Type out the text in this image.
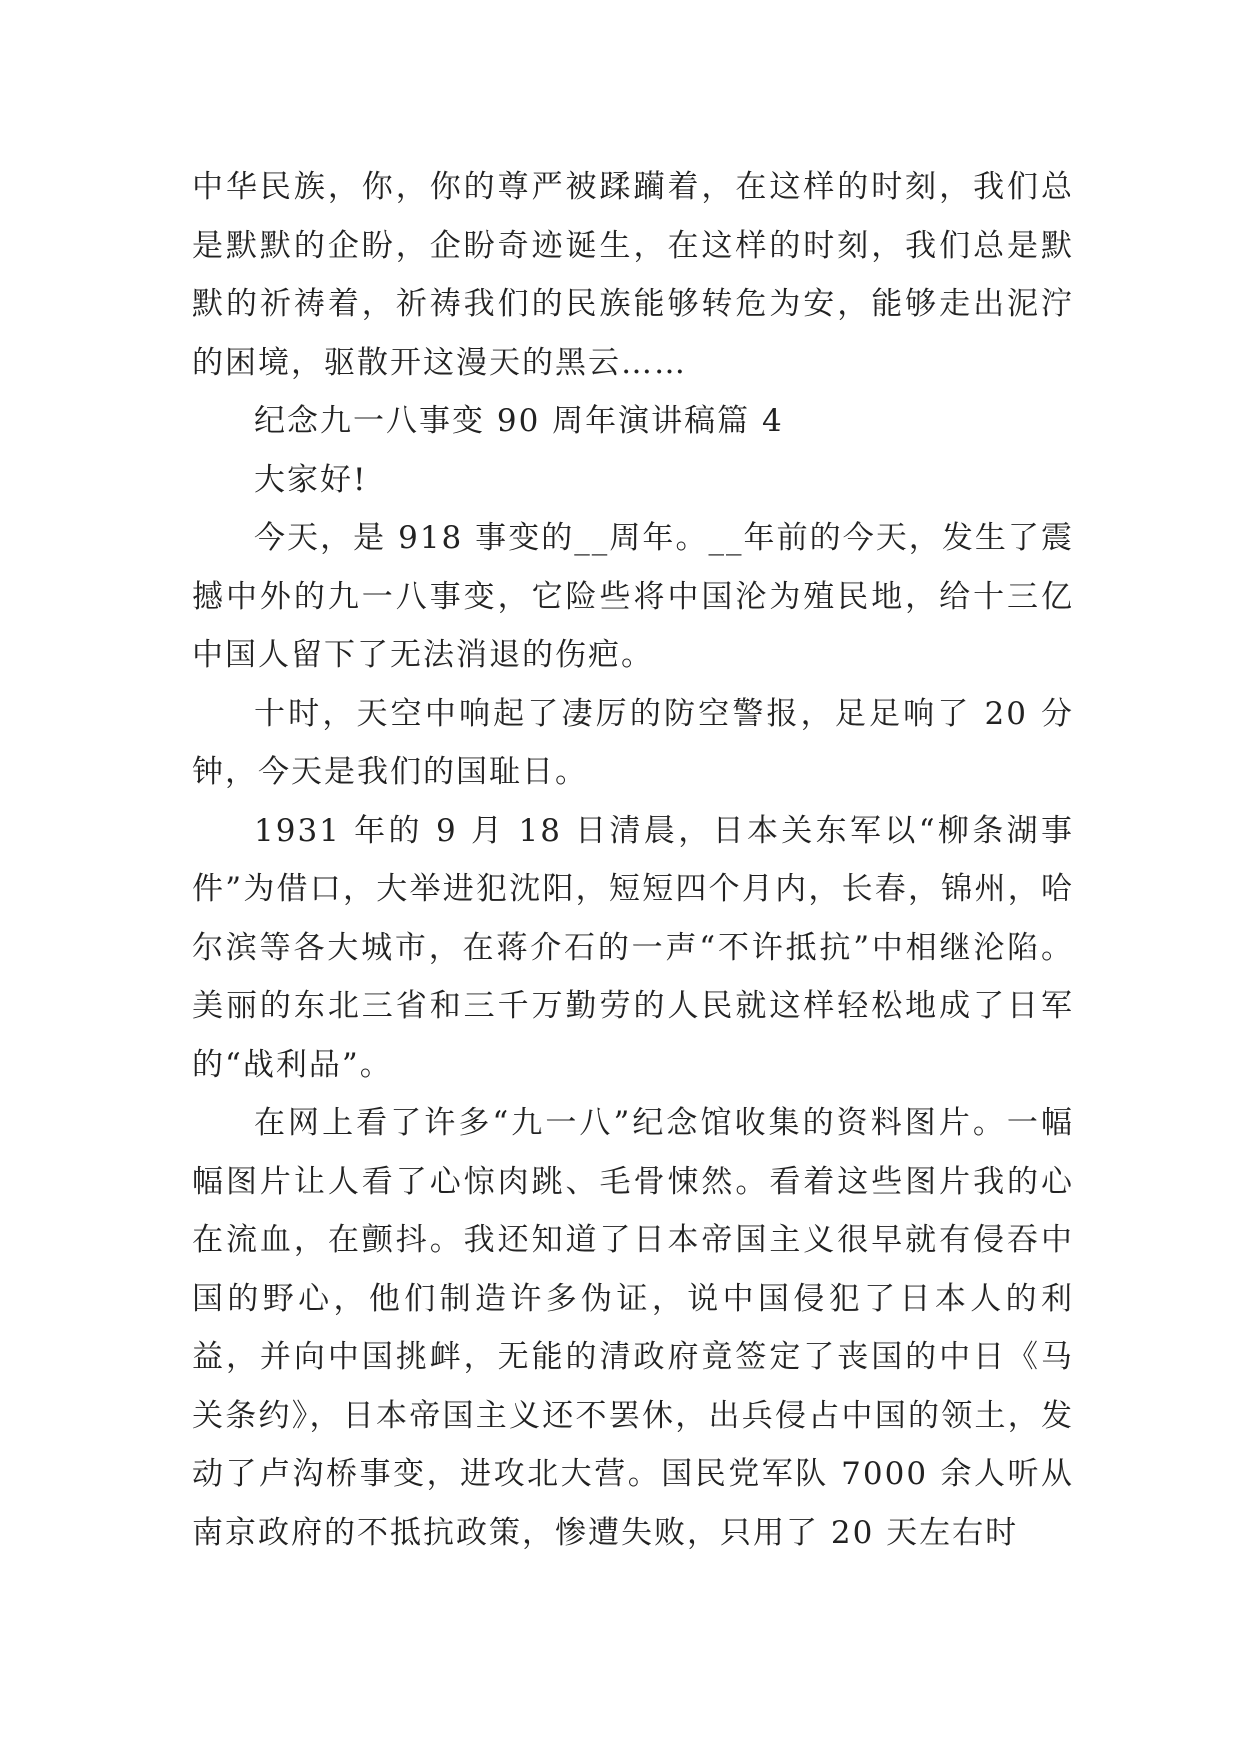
中华民族，你，你的尊严被蹂躏着，在这样的时刻，我们总是默默的企盼，企盼奇迹诞生，在这样的时刻，我们总是默默的祈祷着，祈祷我们的民族能够转危为安，能够走出泥泞的困境，驱散开这漫天的黑云……

纪念九一八事变 90 周年演讲稿篇 4

大家好!

今天，是 918 事变的__周年。__年前的今天，发生了震撼中外的九一八事变，它险些将中国沦为殖民地，给十三亿中国人留下了无法消退的伤疤。

十时，天空中响起了凄厉的防空警报，足足响了 20 分钟，今天是我们的国耻日。

1931 年的 9 月 18 日清晨，日本关东军以“柳条湖事件”为借口，大举进犯沈阳，短短四个月内，长春，锦州，哈尔滨等各大城市，在蒋介石的一声“不许抵抗”中相继沦陷。美丽的东北三省和三千万勤劳的人民就这样轻松地成了日军的“战利品”。

在网上看了许多“九一八”纪念馆收集的资料图片。一幅幅图片让人看了心惊肉跳、毛骨悚然。看着这些图片我的心在流血，在颤抖。我还知道了日本帝国主义很早就有侵吞中国的野心，他们制造许多伪证，说中国侵犯了日本人的利益，并向中国挑衅，无能的清政府竟签定了丧国的中日《马关条约》，日本帝国主义还不罢休，出兵侵占中国的领土，发动了卢沟桥事变，进攻北大营。国民党军队 7000 余人听从南京政府的不抵抗政策，惨遭失败，只用了 20 天左右时
